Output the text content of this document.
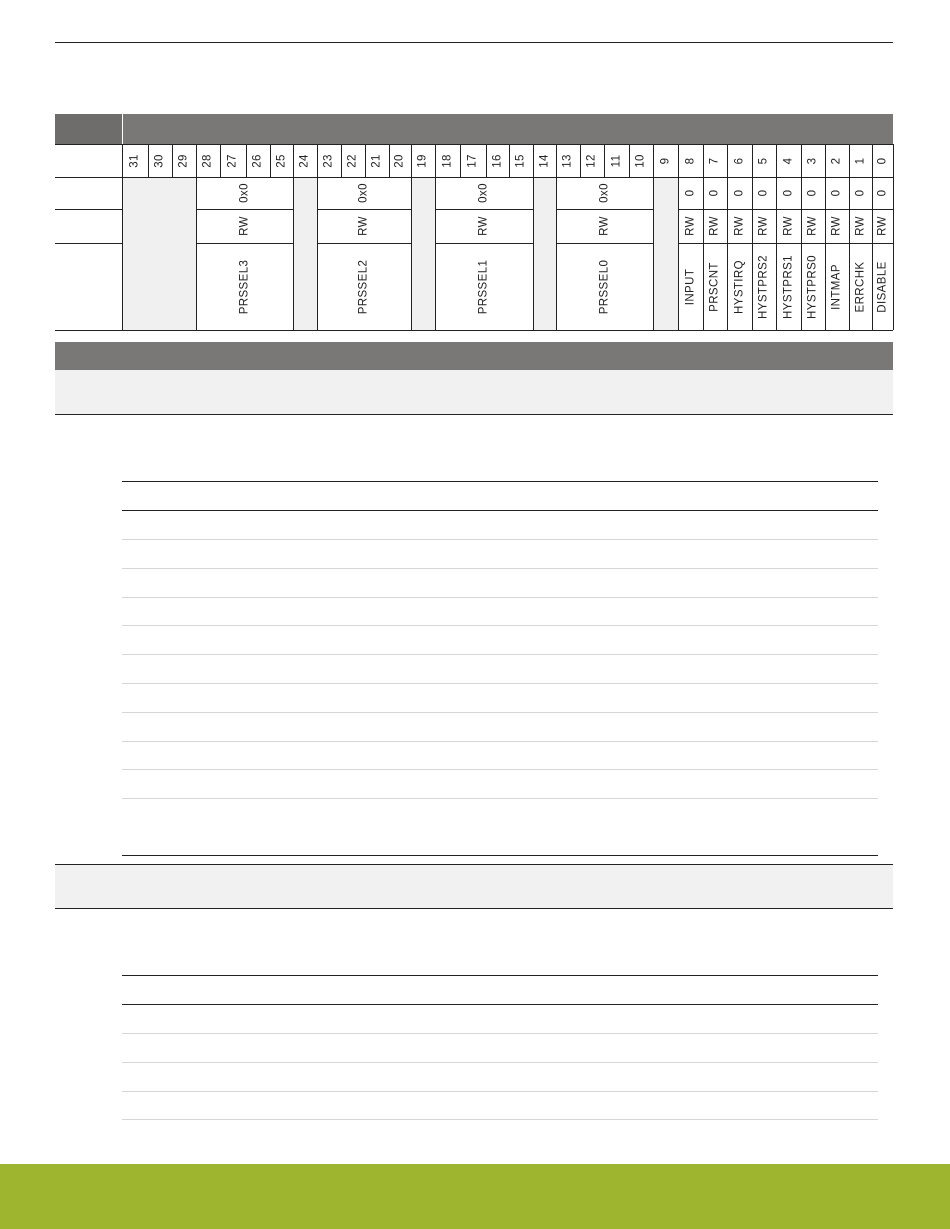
31 30 29 28 27 26 25 24 23 22 21 20 19 18 17 16 15 14 13 12 11 10 9 8 7 6 5 4 3 2 1 0
0x0
RW
PRSSEL3
0x0
RW
PRSSEL2
0x0
RW
PRSSEL1
0x0
RW
PRSSEL0
0
RW
INPUT
0
RW
PRSCNT
0
RW
HYSTIRQ
0
RW
HYSTPRS2
0
RW
HYSTPRS1
0
RW
HYSTPRS0
0
RW
INTMAP
0
RW
ERRCHK
0
RW
DISABLE
